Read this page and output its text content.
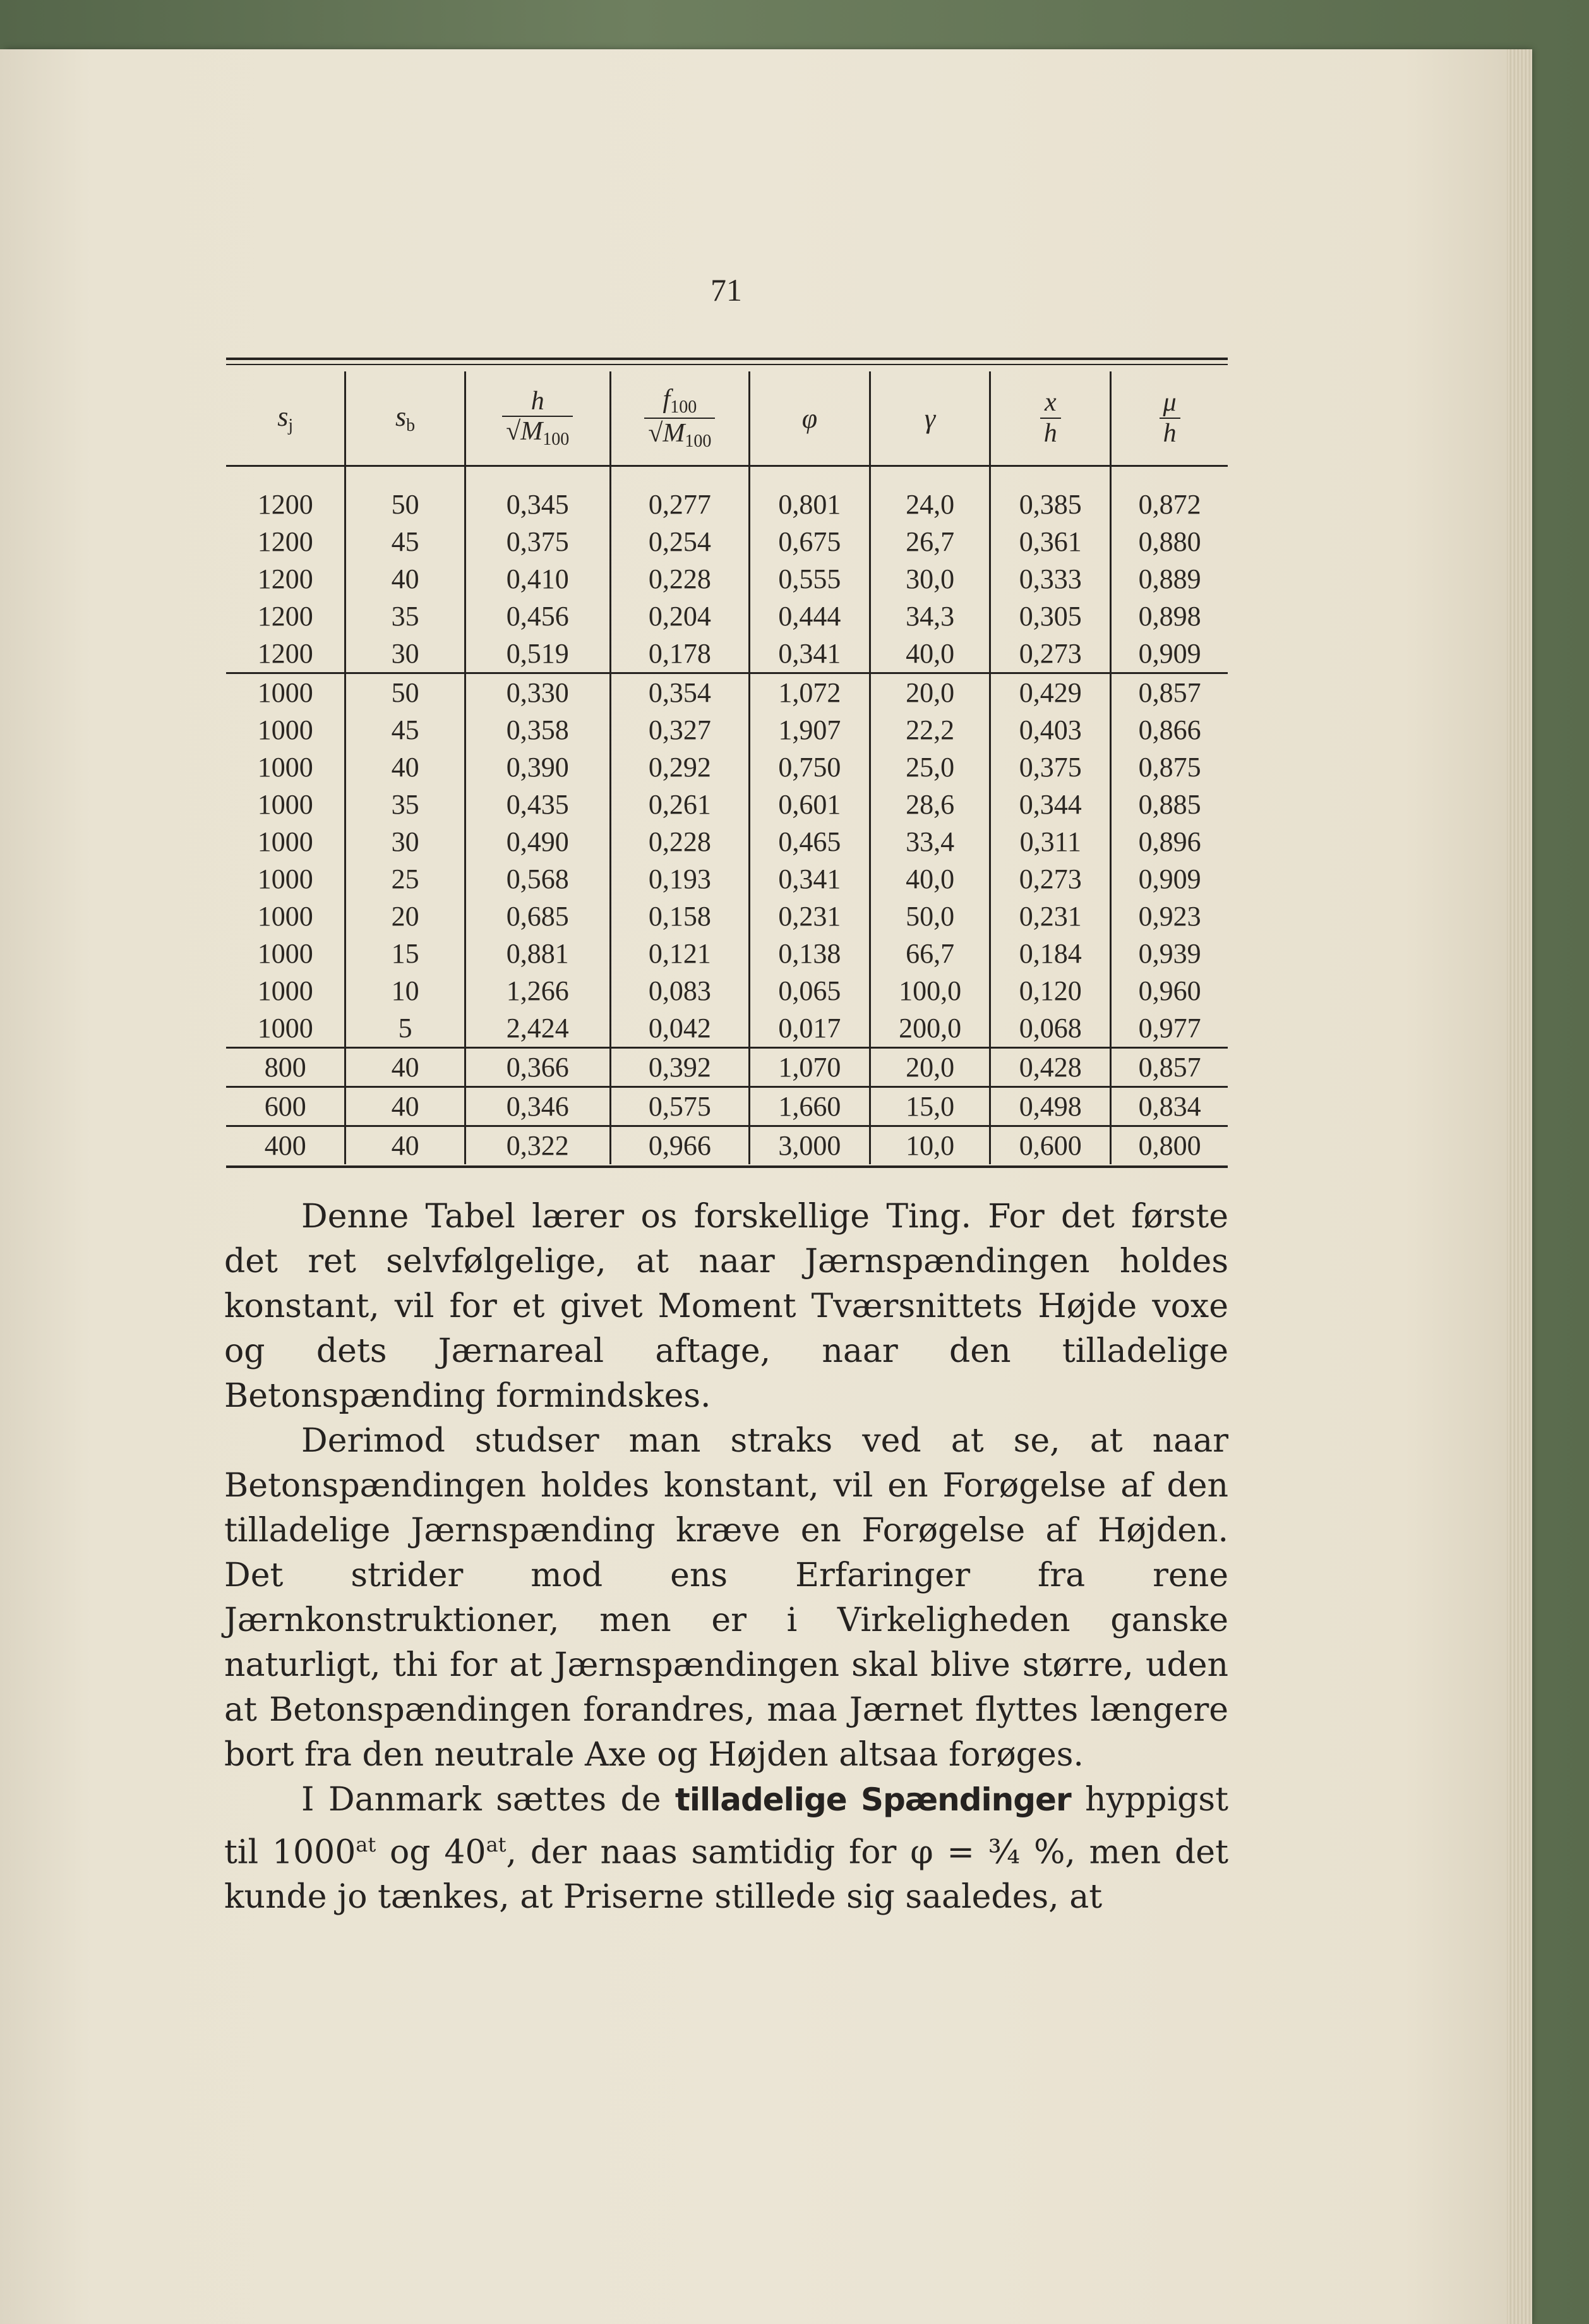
71
$s_j$	$s_b$	$\frac{h}{√M_{100}}$	$\frac{f_{100}}{√M_{100}}$	φ	γ	$\frac{x}{h}$	$\frac{\mu}{h}$

1200	50	0,345	0,277	0,801	24,0	0,385	0,872
1200	45	0,375	0,254	0,675	26,7	0,361	0,880
1200	40	0,410	0,228	0,555	30,0	0,333	0,889
1200	35	0,456	0,204	0,444	34,3	0,305	0,898
1200	30	0,519	0,178	0,341	40,0	0,273	0,909
1000	50	0,330	0,354	1,072	20,0	0,429	0,857
1000	45	0,358	0,327	1,907	22,2	0,403	0,866
1000	40	0,390	0,292	0,750	25,0	0,375	0,875
1000	35	0,435	0,261	0,601	28,6	0,344	0,885
1000	30	0,490	0,228	0,465	33,4	0,311	0,896
1000	25	0,568	0,193	0,341	40,0	0,273	0,909
1000	20	0,685	0,158	0,231	50,0	0,231	0,923
1000	15	0,881	0,121	0,138	66,7	0,184	0,939
1000	10	1,266	0,083	0,065	100,0	0,120	0,960
1000	5	2,424	0,042	0,017	200,0	0,068	0,977
800	40	0,366	0,392	1,070	20,0	0,428	0,857
600	40	0,346	0,575	1,660	15,0	0,498	0,834
400	40	0,322	0,966	3,000	10,0	0,600	0,800

Denne Tabel lærer os forskellige Ting. For det første det ret selvfølgelige, at naar Jærnspændingen holdes konstant, vil for et givet Moment Tværsnittets Højde voxe og dets Jærnareal aftage, naar den tilladelige Betonspænding formindskes.

Derimod studser man straks ved at se, at naar Betonspændingen holdes konstant, vil en Forøgelse af den tilladelige Jærnspænding kræve en Forøgelse af Højden. Det strider mod ens Erfaringer fra rene Jærnkonstruktioner, men er i Virkeligheden ganske naturligt, thi for at Jærnspændingen skal blive større, uden at Betonspændingen forandres, maa Jærnet flyttes længere bort fra den neutrale Axe og Højden altsaa forøges.

I Danmark sættes de tilladelige Spændinger hyppigst til $1000^{at}$ og $40^{at}$, der naas samtidig for φ = ¾ %, men det kunde jo tænkes, at Priserne stillede sig saaledes, at
